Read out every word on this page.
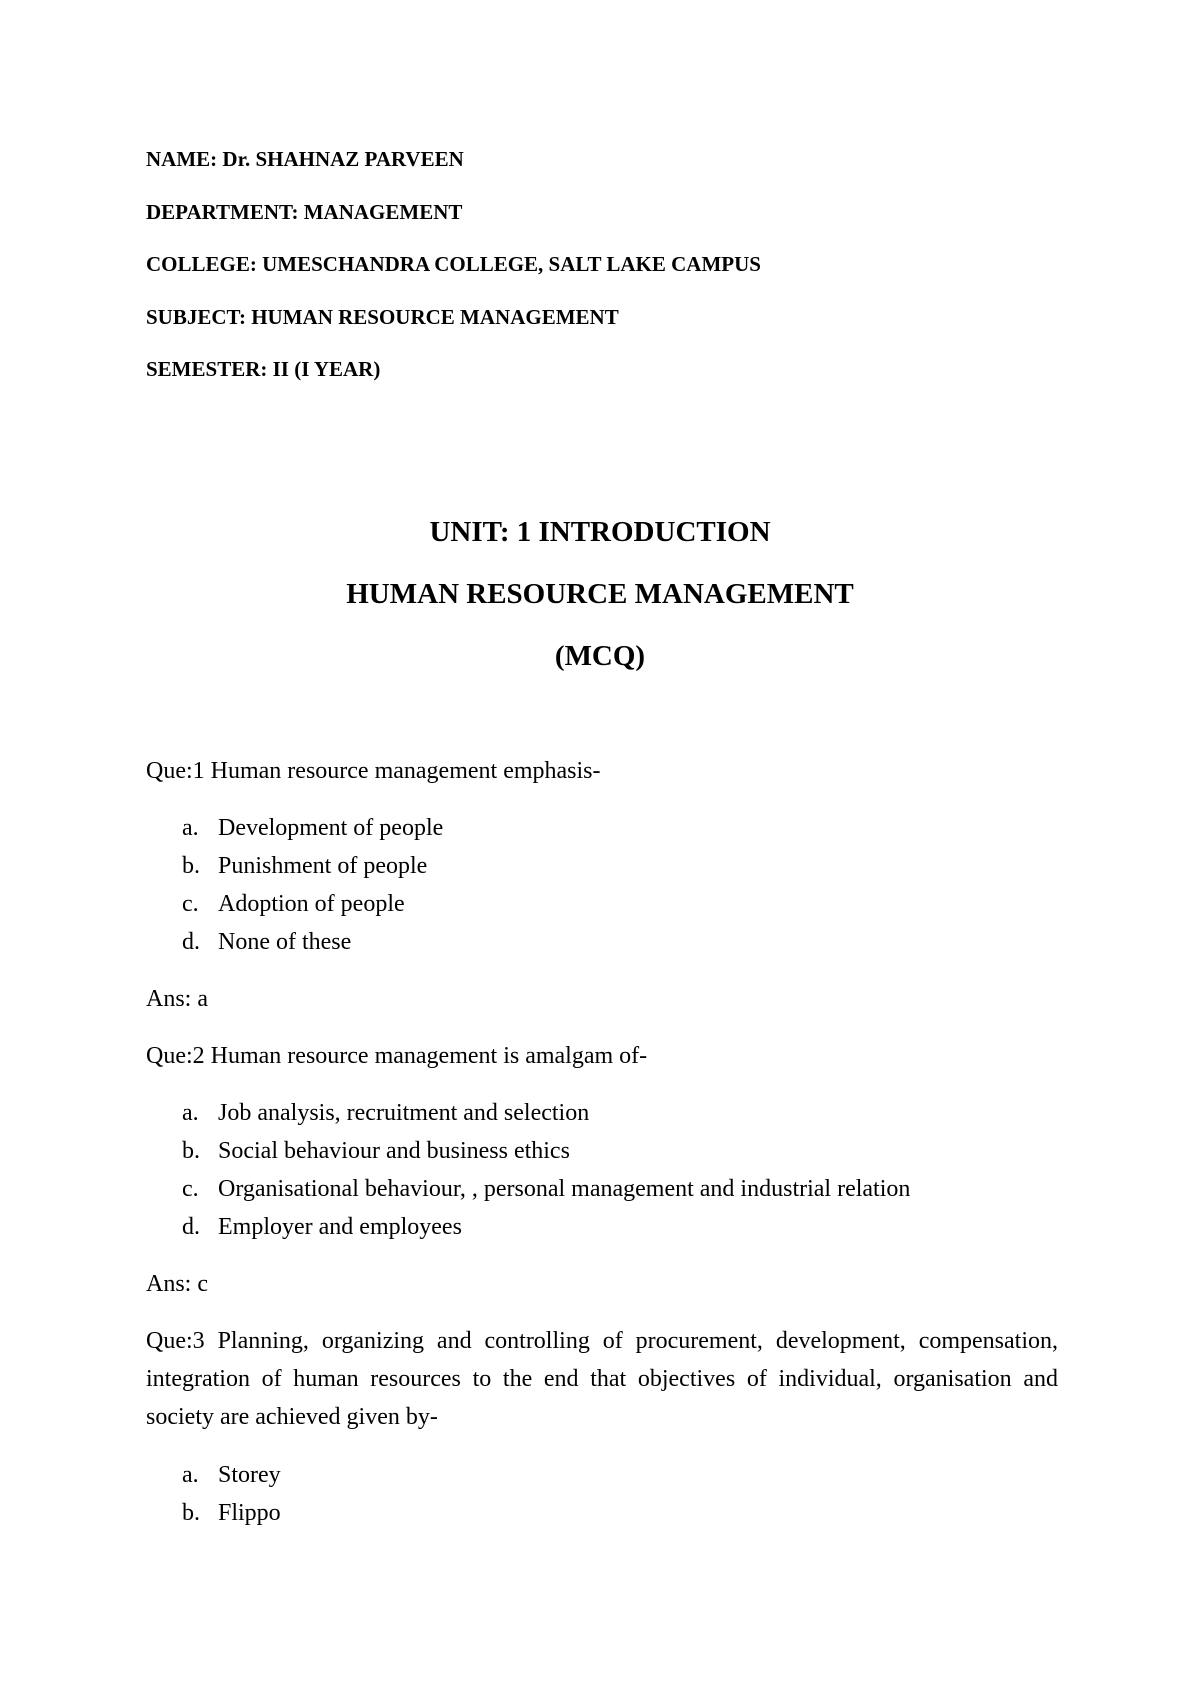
NAME: Dr. SHAHNAZ PARVEEN
DEPARTMENT: MANAGEMENT
COLLEGE: UMESCHANDRA COLLEGE, SALT LAKE CAMPUS
SUBJECT: HUMAN RESOURCE MANAGEMENT
SEMESTER: II (I YEAR)
UNIT: 1 INTRODUCTION
HUMAN RESOURCE MANAGEMENT
(MCQ)
Que:1 Human resource management emphasis-
a. Development of people
b. Punishment of people
c. Adoption of people
d. None of these
Ans: a
Que:2 Human resource management is amalgam of-
a. Job analysis, recruitment and selection
b. Social behaviour and business ethics
c. Organisational behaviour, , personal management and industrial relation
d. Employer and employees
Ans: c
Que:3 Planning, organizing and controlling of procurement, development, compensation, integration of human resources to the end that objectives of individual, organisation and society are achieved given by-
a. Storey
b. Flippo
